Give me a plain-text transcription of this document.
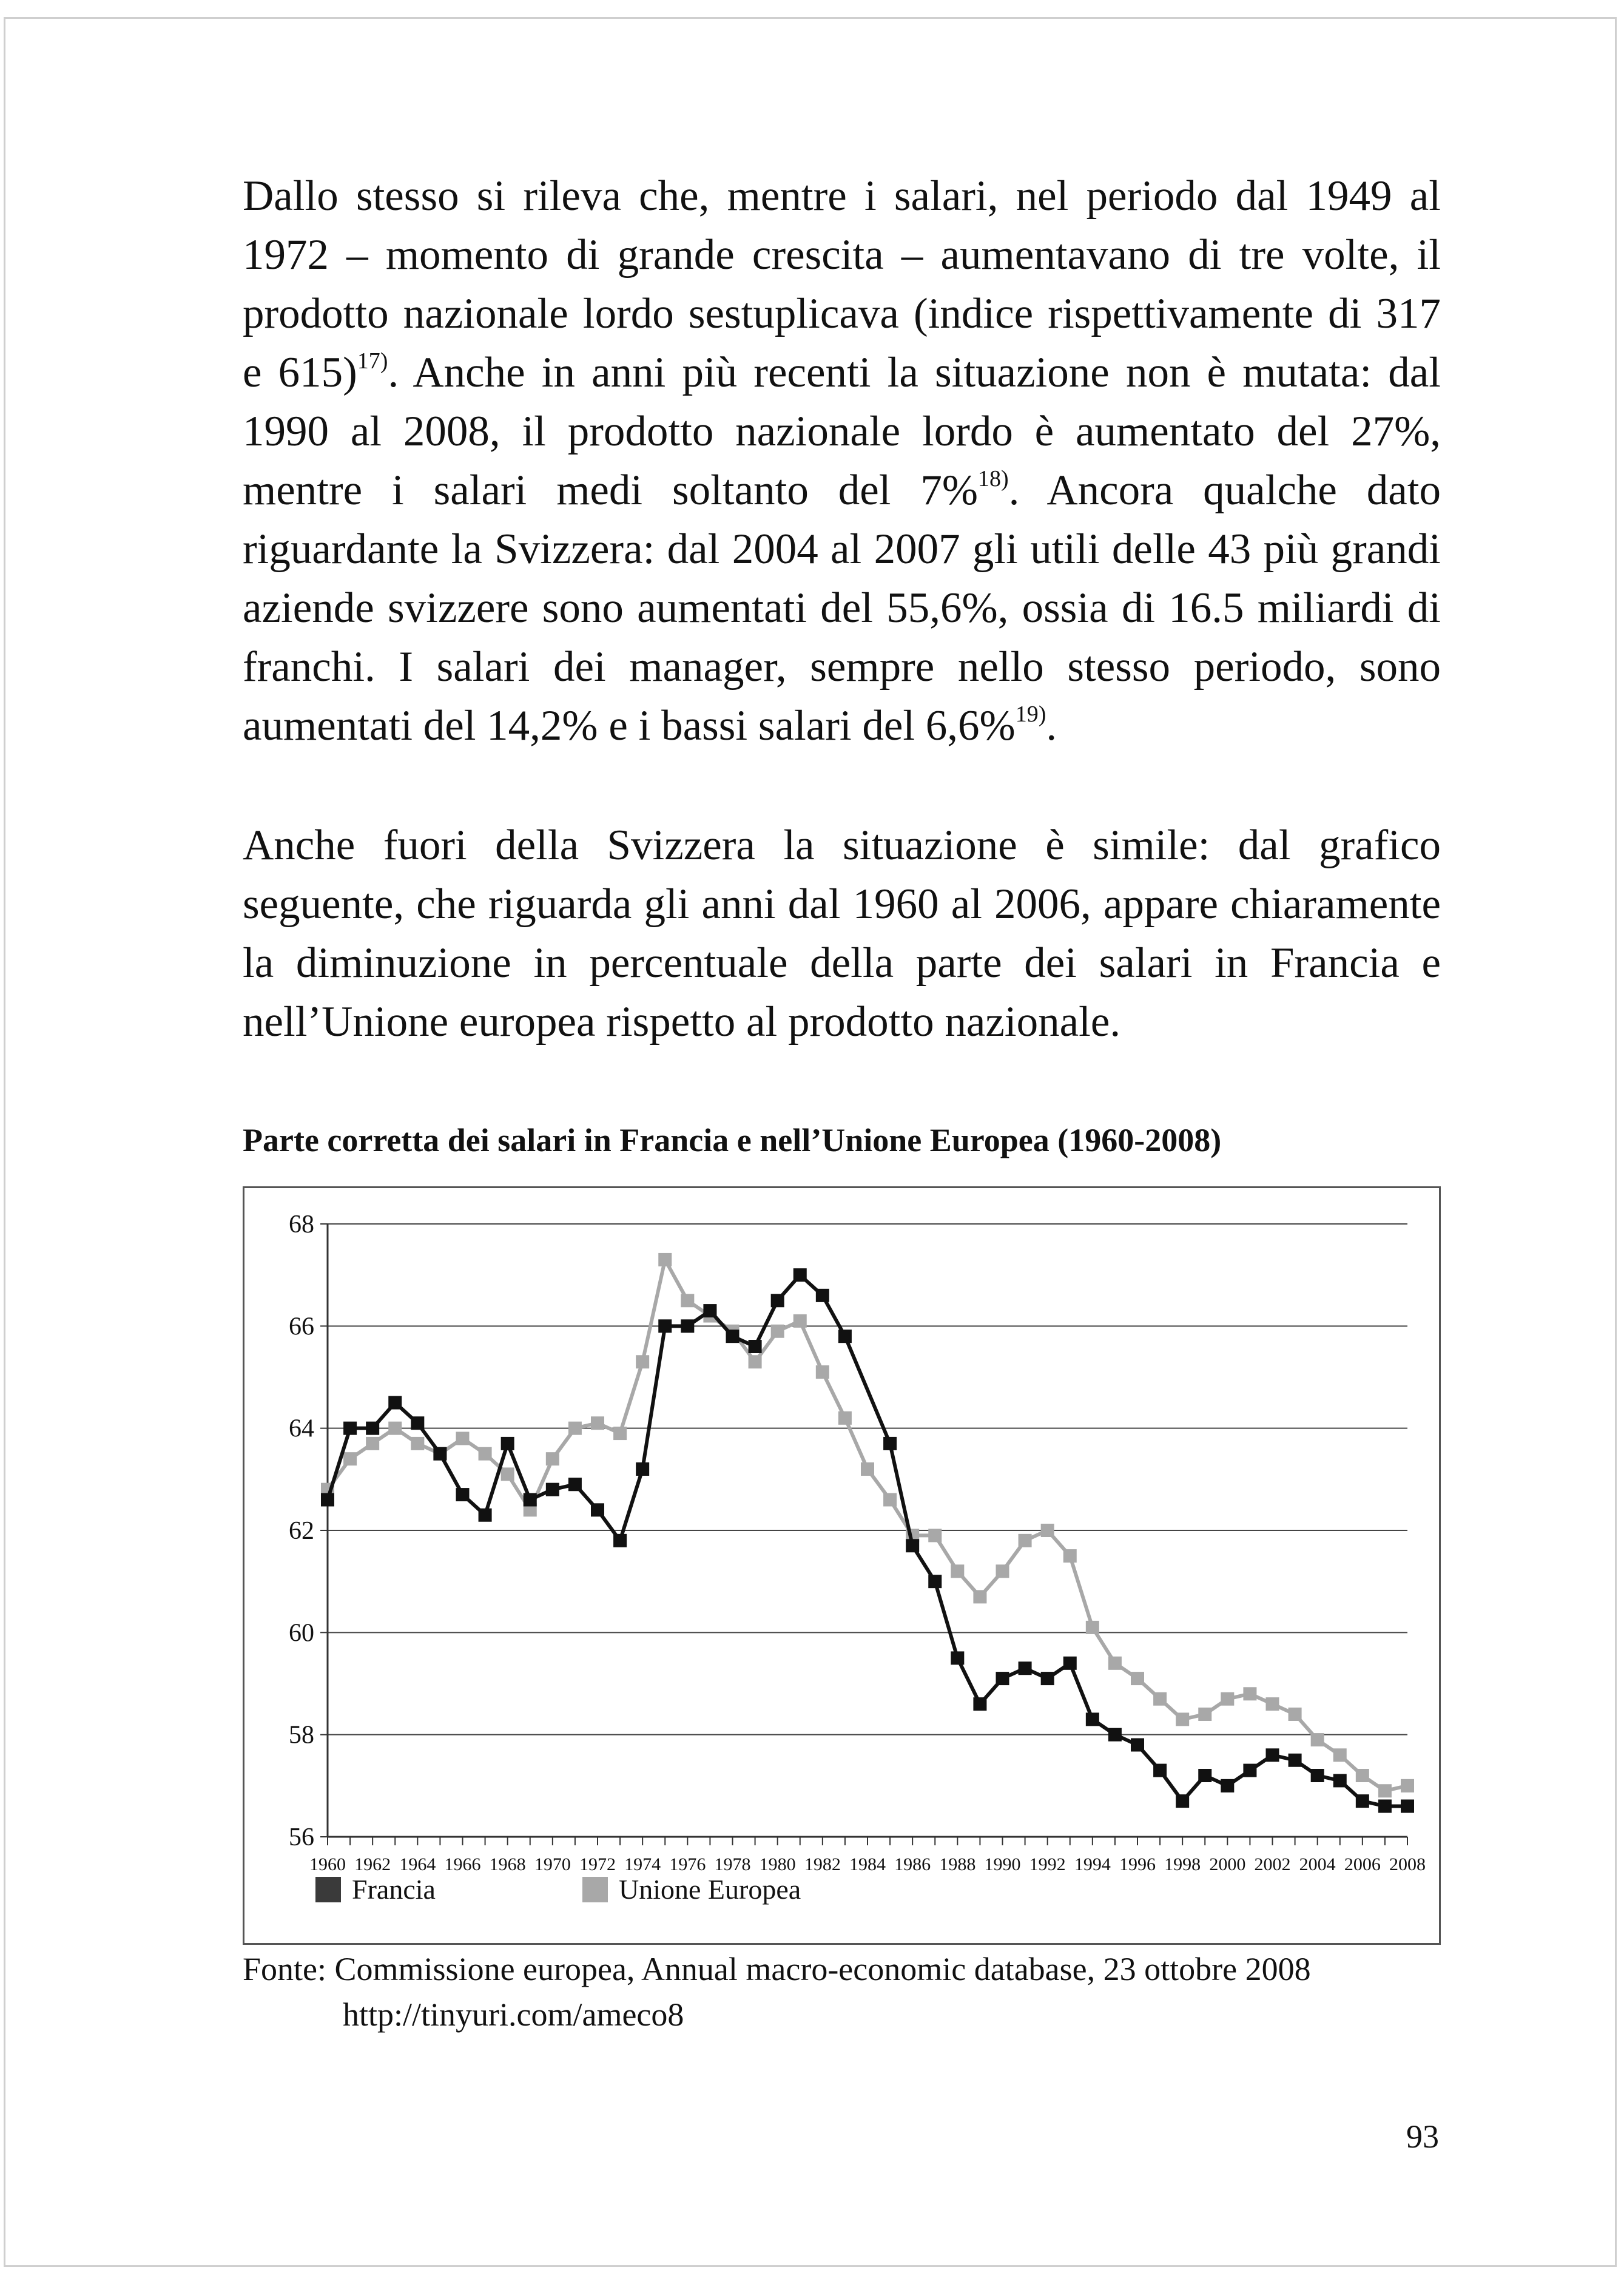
Dallo stesso si rileva che, mentre i salari, nel periodo dal 1949 al 1972 – momento di grande crescita – aumentavano di tre volte, il prodotto nazionale lordo sestuplicava (indice rispettivamente di 317 e 615)$^{17)}$. Anche in anni più recenti la situazione non è mutata: dal 1990 al 2008, il prodotto nazionale lordo è aumentato del 27%, mentre i salari medi soltanto del 7%$^{18)}$. Ancora qualche dato riguardante la Svizzera: dal 2004 al 2007 gli utili delle 43 più grandi aziende svizzere sono aumentati del 55,6%, ossia di 16.5 miliardi di franchi. I salari dei manager, sempre nello stesso periodo, sono aumentati del 14,2% e i bassi salari del 6,6%$^{19)}$.

Anche fuori della Svizzera la situazione è simile: dal grafico seguente, che riguarda gli anni dal 1960 al 2006, appare chiaramente la diminuzione in percentuale della parte dei salari in Francia e nell’Unione europea rispetto al prodotto nazionale.

Parte corretta dei salari in Francia e nell’Unione Europea (1960-2008)

56
58
60
62
64
66
68
1960 1962 1964 1966 1968 1970 1972 1974 1976 1978 1980 1982 1984 1986 1988 1990 1992 1994 1996 1998 2000 2002 2004 2006 2008
Francia	Unione Europea
Fonte: Commissione europea, Annual macro-economic database, 23 ottobre 2008
http://tinyuri.com/ameco8
93
